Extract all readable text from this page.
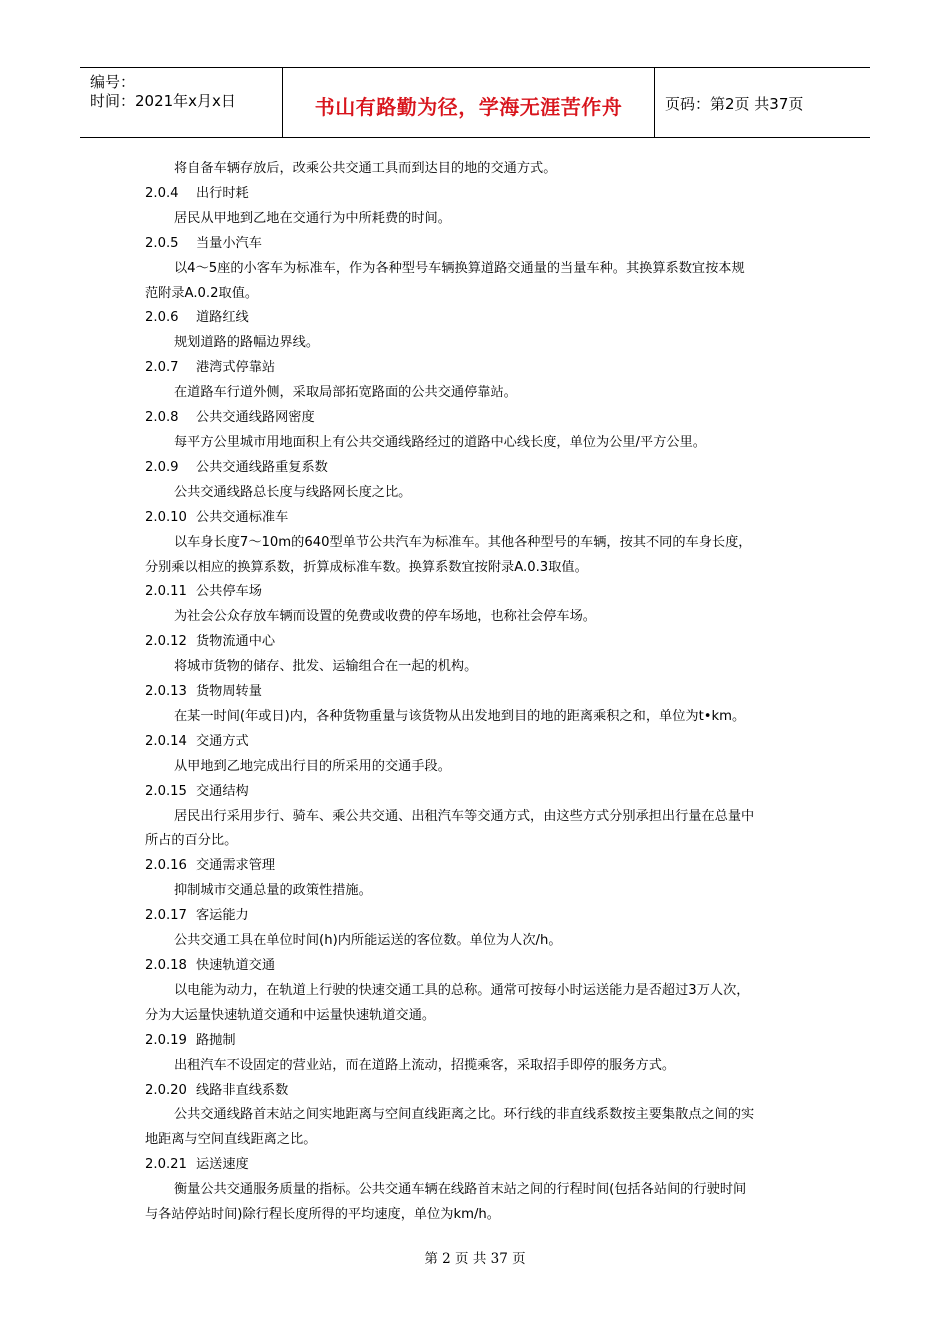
编号：
时间：2021年x月x日	书山有路勤为径，学海无涯苦作舟	页码：第2页 共37页
将自备车辆存放后，改乘公共交通工具而到达目的地的交通方式。
2.0.4 出行时耗
居民从甲地到乙地在交通行为中所耗费的时间。
2.0.5 当量小汽车
以4～5座的小客车为标准车，作为各种型号车辆换算道路交通量的当量车种。其换算系数宜按本规
范附录A.0.2取值。
2.0.6 道路红线
规划道路的路幅边界线。
2.0.7 港湾式停靠站
在道路车行道外侧，采取局部拓宽路面的公共交通停靠站。
2.0.8 公共交通线路网密度
每平方公里城市用地面积上有公共交通线路经过的道路中心线长度，单位为公里/平方公里。
2.0.9 公共交通线路重复系数
公共交通线路总长度与线路网长度之比。
2.0.10 公共交通标准车
以车身长度7～10m的640型单节公共汽车为标准车。其他各种型号的车辆，按其不同的车身长度，
分别乘以相应的换算系数，折算成标准车数。换算系数宜按附录A.0.3取值。
2.0.11 公共停车场
为社会公众存放车辆而设置的免费或收费的停车场地，也称社会停车场。
2.0.12 货物流通中心
将城市货物的储存、批发、运输组合在一起的机构。
2.0.13 货物周转量
在某一时间(年或日)内，各种货物重量与该货物从出发地到目的地的距离乘积之和，单位为t•km。
2.0.14 交通方式
从甲地到乙地完成出行目的所采用的交通手段。
2.0.15 交通结构
居民出行采用步行、骑车、乘公共交通、出租汽车等交通方式，由这些方式分别承担出行量在总量中
所占的百分比。
2.0.16 交通需求管理
抑制城市交通总量的政策性措施。
2.0.17 客运能力
公共交通工具在单位时间(h)内所能运送的客位数。单位为人次/h。
2.0.18 快速轨道交通
以电能为动力，在轨道上行驶的快速交通工具的总称。通常可按每小时运送能力是否超过3万人次，
分为大运量快速轨道交通和中运量快速轨道交通。
2.0.19 路抛制
出租汽车不设固定的营业站，而在道路上流动，招揽乘客，采取招手即停的服务方式。
2.0.20 线路非直线系数
公共交通线路首末站之间实地距离与空间直线距离之比。环行线的非直线系数按主要集散点之间的实
地距离与空间直线距离之比。
2.0.21 运送速度
衡量公共交通服务质量的指标。公共交通车辆在线路首末站之间的行程时间(包括各站间的行驶时间
与各站停站时间)除行程长度所得的平均速度，单位为km/h。
第 2 页 共 37 页
